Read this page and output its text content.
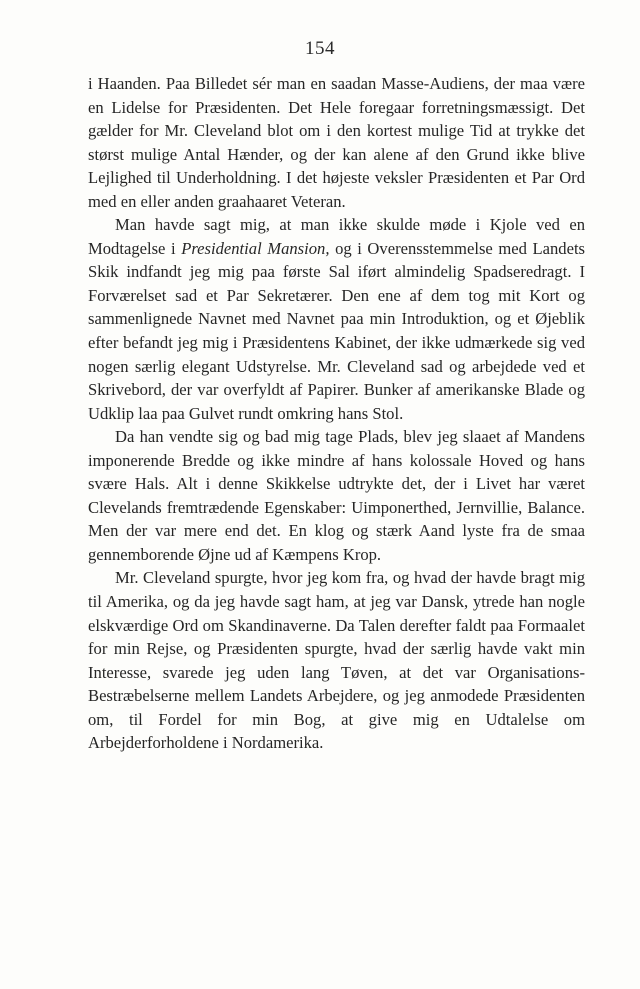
154

i Haanden. Paa Billedet sér man en saadan Masse-Audiens, der maa være en Lidelse for Præsidenten. Det Hele foregaar forretningsmæssigt. Det gælder for Mr. Cleveland blot om i den kortest mulige Tid at trykke det størst mulige Antal Hænder, og der kan alene af den Grund ikke blive Lejlighed til Underholdning. I det højeste veksler Præsidenten et Par Ord med en eller anden graahaaret Veteran.

Man havde sagt mig, at man ikke skulde møde i Kjole ved en Modtagelse i Presidential Mansion, og i Overensstemmelse med Landets Skik indfandt jeg mig paa første Sal iført almindelig Spadseredragt. I Forværelset sad et Par Sekretærer. Den ene af dem tog mit Kort og sammenlignede Navnet med Navnet paa min Introduktion, og et Øjeblik efter befandt jeg mig i Præsidentens Kabinet, der ikke udmærkede sig ved nogen særlig elegant Udstyrelse. Mr. Cleveland sad og arbejdede ved et Skrivebord, der var overfyldt af Papirer. Bunker af amerikanske Blade og Udklip laa paa Gulvet rundt omkring hans Stol.

Da han vendte sig og bad mig tage Plads, blev jeg slaaet af Mandens imponerende Bredde og ikke mindre af hans kolossale Hoved og hans svære Hals. Alt i denne Skikkelse udtrykte det, der i Livet har været Clevelands fremtrædende Egenskaber: Uimponerthed, Jernvillie, Balance. Men der var mere end det. En klog og stærk Aand lyste fra de smaa gennemborende Øjne ud af Kæmpens Krop.

Mr. Cleveland spurgte, hvor jeg kom fra, og hvad der havde bragt mig til Amerika, og da jeg havde sagt ham, at jeg var Dansk, ytrede han nogle elskværdige Ord om Skandinaverne. Da Talen derefter faldt paa Formaalet for min Rejse, og Præsidenten spurgte, hvad der særlig havde vakt min Interesse, svarede jeg uden lang Tøven, at det var Organisations-Bestræbelserne mellem Landets Arbejdere, og jeg anmodede Præsidenten om, til Fordel for min Bog, at give mig en Udtalelse om Arbejderforholdene i Nordamerika.
